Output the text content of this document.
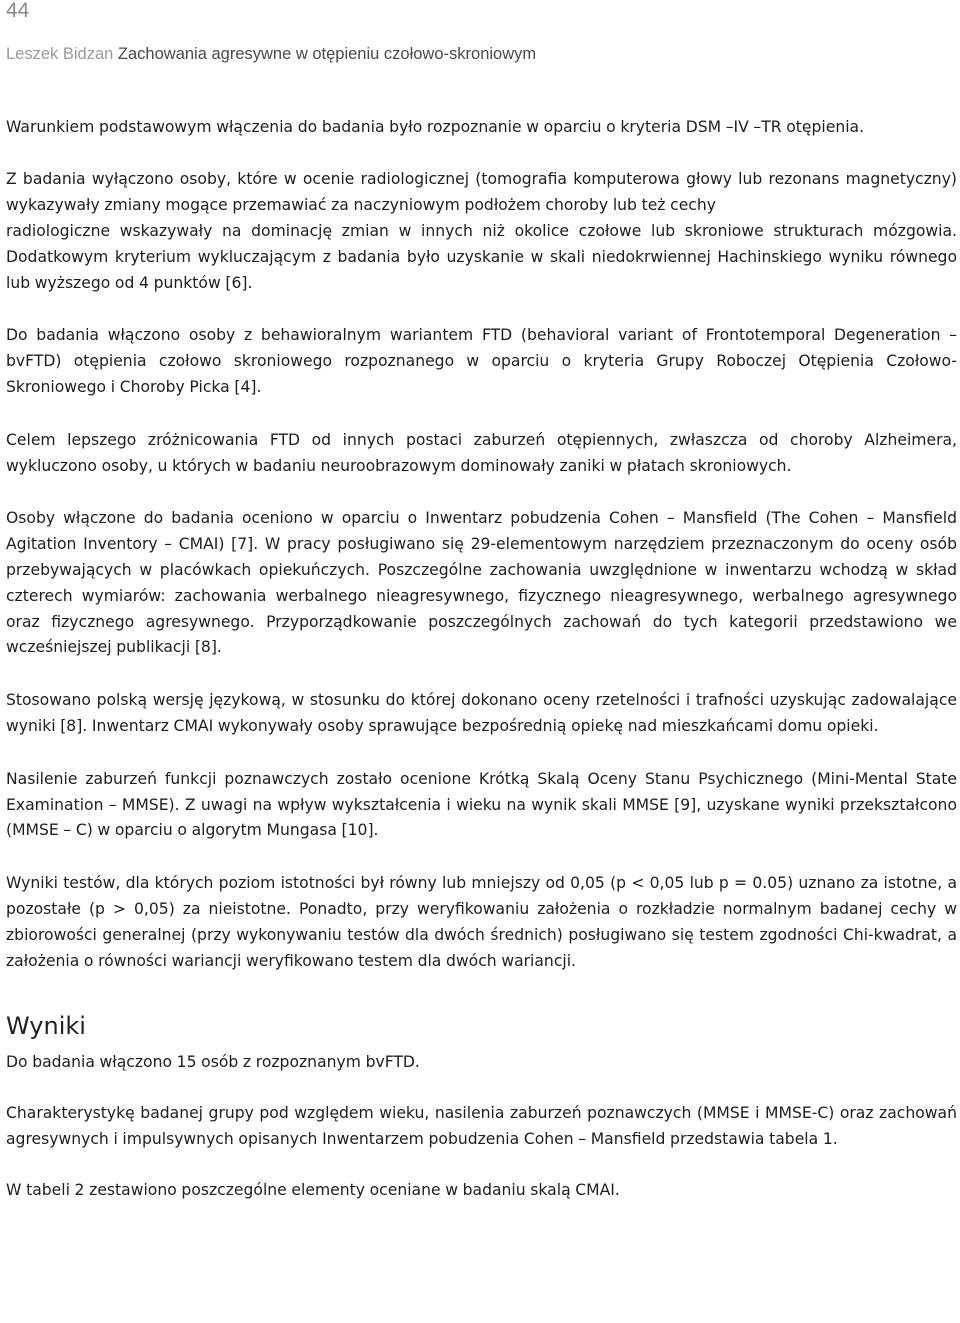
44
Leszek Bidzan Zachowania agresywne w otępieniu czołowo-skroniowym

Warunkiem podstawowym włączenia do badania było rozpoznanie w oparciu o kryteria DSM –IV –TR otępienia.

Z badania wyłączono osoby, które w ocenie radiologicznej (tomografia komputerowa głowy lub rezonans magnetyczny) wykazywały zmiany mogące przemawiać za naczyniowym podłożem choroby lub też cechy

radiologiczne wskazywały na dominację zmian w innych niż okolice czołowe lub skroniowe strukturach mózgowia. Dodatkowym kryterium wykluczającym z badania było uzyskanie w skali niedokrwiennej Hachinskiego wyniku równego lub wyższego od 4 punktów [6].

Do badania włączono osoby z behawioralnym wariantem FTD (behavioral variant of Frontotemporal Degeneration – bvFTD) otępienia czołowo skroniowego rozpoznanego w oparciu o kryteria Grupy Roboczej Otępienia Czołowo-Skroniowego i Choroby Picka [4].

Celem lepszego zróżnicowania FTD od innych postaci zaburzeń otępiennych, zwłaszcza od choroby Alzheimera, wykluczono osoby, u których w badaniu neuroobrazowym dominowały zaniki w płatach skroniowych.

Osoby włączone do badania oceniono w oparciu o Inwentarz pobudzenia Cohen – Mansfield (The Cohen – Mansfield Agitation Inventory – CMAI) [7]. W pracy posługiwano się 29-elementowym narzędziem przeznaczonym do oceny osób przebywających w placówkach opiekuńczych. Poszczególne zachowania uwzględnione w inwentarzu wchodzą w skład czterech wymiarów: zachowania werbalnego nieagresywnego, fizycznego nieagresywnego, werbalnego agresywnego oraz fizycznego agresywnego. Przyporządkowanie poszczególnych zachowań do tych kategorii przedstawiono we wcześniejszej publikacji [8].

Stosowano polską wersję językową, w stosunku do której dokonano oceny rzetelności i trafności uzyskując zadowalające wyniki [8]. Inwentarz CMAI wykonywały osoby sprawujące bezpośrednią opiekę nad mieszkańcami domu opieki.

Nasilenie zaburzeń funkcji poznawczych zostało ocenione Krótką Skalą Oceny Stanu Psychicznego (Mini-Mental State Examination – MMSE). Z uwagi na wpływ wykształcenia i wieku na wynik skali MMSE [9], uzyskane wyniki przekształcono (MMSE – C) w oparciu o algorytm Mungasa [10].

Wyniki testów, dla których poziom istotności był równy lub mniejszy od 0,05 (p < 0,05 lub p = 0.05) uznano za istotne, a pozostałe (p > 0,05) za nieistotne. Ponadto, przy weryfikowaniu założenia o rozkładzie normalnym badanej cechy w zbiorowości generalnej (przy wykonywaniu testów dla dwóch średnich) posługiwano się testem zgodności Chi-kwadrat, a założenia o równości wariancji weryfikowano testem dla dwóch wariancji.

Wyniki

Do badania włączono 15 osób z rozpoznanym bvFTD.

Charakterystykę badanej grupy pod względem wieku, nasilenia zaburzeń poznawczych (MMSE i MMSE-C) oraz zachowań agresywnych i impulsywnych opisanych Inwentarzem pobudzenia Cohen – Mansfield przedstawia tabela 1.

W tabeli 2 zestawiono poszczególne elementy oceniane w badaniu skalą CMAI.
